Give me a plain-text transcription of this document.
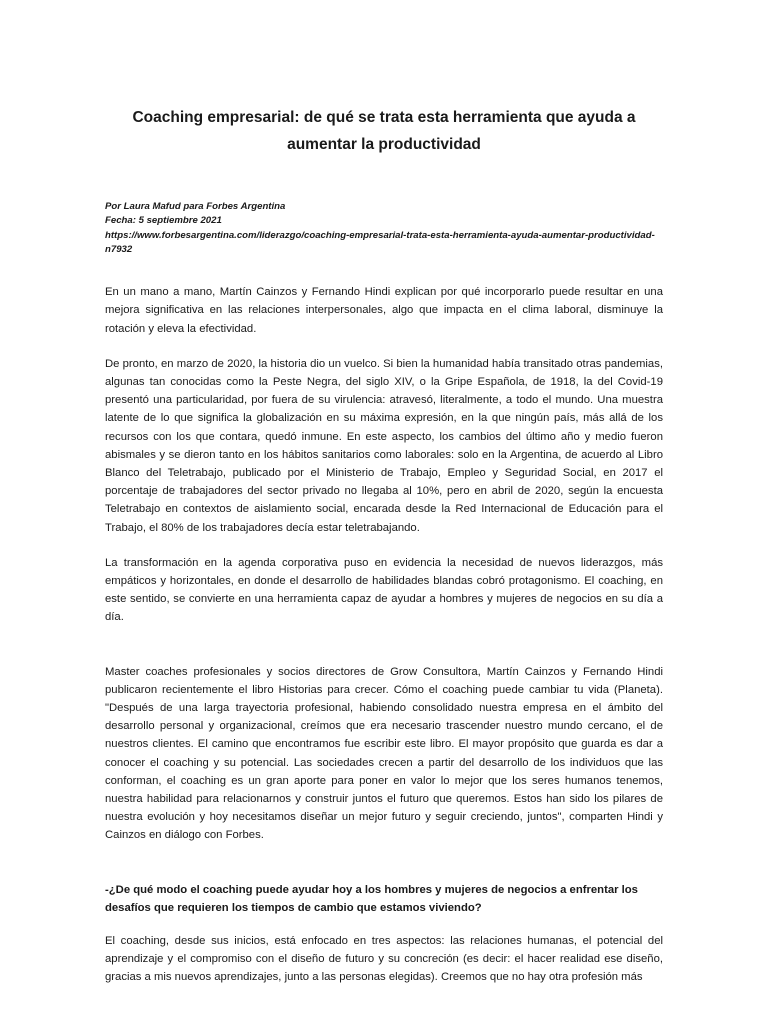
Coaching empresarial: de qué se trata esta herramienta que ayuda a aumentar la productividad
Por Laura Mafud para Forbes Argentina
Fecha: 5 septiembre 2021
https://www.forbesargentina.com/liderazgo/coaching-empresarial-trata-esta-herramienta-ayuda-aumentar-productividad-n7932

En un mano a mano, Martín Cainzos y Fernando Hindi explican por qué incorporarlo puede resultar en una mejora significativa en las relaciones interpersonales, algo que impacta en el clima laboral, disminuye la rotación y eleva la efectividad.

De pronto, en marzo de 2020, la historia dio un vuelco. Si bien la humanidad había transitado otras pandemias, algunas tan conocidas como la Peste Negra, del siglo XIV, o la Gripe Española, de 1918, la del Covid-19 presentó una particularidad, por fuera de su virulencia: atravesó, literalmente, a todo el mundo. Una muestra latente de lo que significa la globalización en su máxima expresión, en la que ningún país, más allá de los recursos con los que contara, quedó inmune. En este aspecto, los cambios del último año y medio fueron abismales y se dieron tanto en los hábitos sanitarios como laborales: solo en la Argentina, de acuerdo al Libro Blanco del Teletrabajo, publicado por el Ministerio de Trabajo, Empleo y Seguridad Social, en 2017 el porcentaje de trabajadores del sector privado no llegaba al 10%, pero en abril de 2020, según la encuesta Teletrabajo en contextos de aislamiento social, encarada desde la Red Internacional de Educación para el Trabajo, el 80% de los trabajadores decía estar teletrabajando.

La transformación en la agenda corporativa puso en evidencia la necesidad de nuevos liderazgos, más empáticos y horizontales, en donde el desarrollo de habilidades blandas cobró protagonismo. El coaching, en este sentido, se convierte en una herramienta capaz de ayudar a hombres y mujeres de negocios en su día a día.

Master coaches profesionales y socios directores de Grow Consultora, Martín Cainzos y Fernando Hindi publicaron recientemente el libro Historias para crecer. Cómo el coaching puede cambiar tu vida (Planeta). "Después de una larga trayectoria profesional, habiendo consolidado nuestra empresa en el ámbito del desarrollo personal y organizacional, creímos que era necesario trascender nuestro mundo cercano, el de nuestros clientes. El camino que encontramos fue escribir este libro. El mayor propósito que guarda es dar a conocer el coaching y su potencial. Las sociedades crecen a partir del desarrollo de los individuos que las conforman, el coaching es un gran aporte para poner en valor lo mejor que los seres humanos tenemos, nuestra habilidad para relacionarnos y construir juntos el futuro que queremos. Estos han sido los pilares de nuestra evolución y hoy necesitamos diseñar un mejor futuro y seguir creciendo, juntos", comparten Hindi y Cainzos en diálogo con Forbes.

-¿De qué modo el coaching puede ayudar hoy a los hombres y mujeres de negocios a enfrentar los desafíos que requieren los tiempos de cambio que estamos viviendo?

El coaching, desde sus inicios, está enfocado en tres aspectos: las relaciones humanas, el potencial del aprendizaje y el compromiso con el diseño de futuro y su concreción (es decir: el hacer realidad ese diseño, gracias a mis nuevos aprendizajes, junto a las personas elegidas). Creemos que no hay otra profesión más
